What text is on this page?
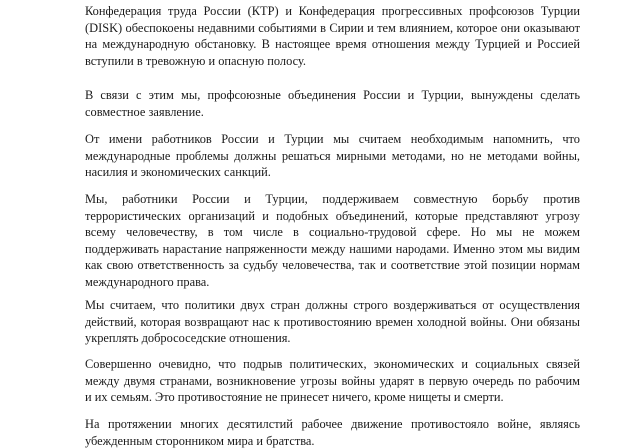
Конфедерация труда России (КТР) и Конфедерация прогрессивных профсоюзов Турции
(DISK) обеспокоены недавними событиями в Сирии и тем влиянием, которое они оказывают
на международную обстановку. В настоящее время отношения между Турцией и Россией
вступили в тревожную и опасную полосу.
В связи с этим мы, профсоюзные объединения России и Турции, вынуждены сделать
совместное заявление.
От имени работников России и Турции мы считаем необходимым напомнить, что
международные проблемы должны решаться мирными методами, но не методами войны,
насилия и экономических санкций.
Мы, работники России и Турции, поддерживаем совместную борьбу против
террористических организаций и подобных объединений, которые представляют угрозу
всему человечеству, в том числе в социально-трудовой сфере. Но мы не можем
поддерживать нарастание напряженности между нашими народами. Именно этом мы видим
как свою ответственность за судьбу человечества, так и соответствие этой позиции нормам
международного права.
Мы считаем, что политики двух стран должны строго воздерживаться от осуществления
действий, которая возвращают нас к противостоянию времен холодной войны. Они обязаны
укреплять добрососедские отношения.
Совершенно очевидно, что подрыв политических, экономических и социальных связей
между двумя странами, возникновение угрозы войны ударят в первую очередь по рабочим
и их семьям. Это противостояние не принесет ничего, кроме нищеты и смерти.
На протяжении многих десятилстий рабочее движение противостояло войне, являясь
убежденным сторонником мира и братства.
